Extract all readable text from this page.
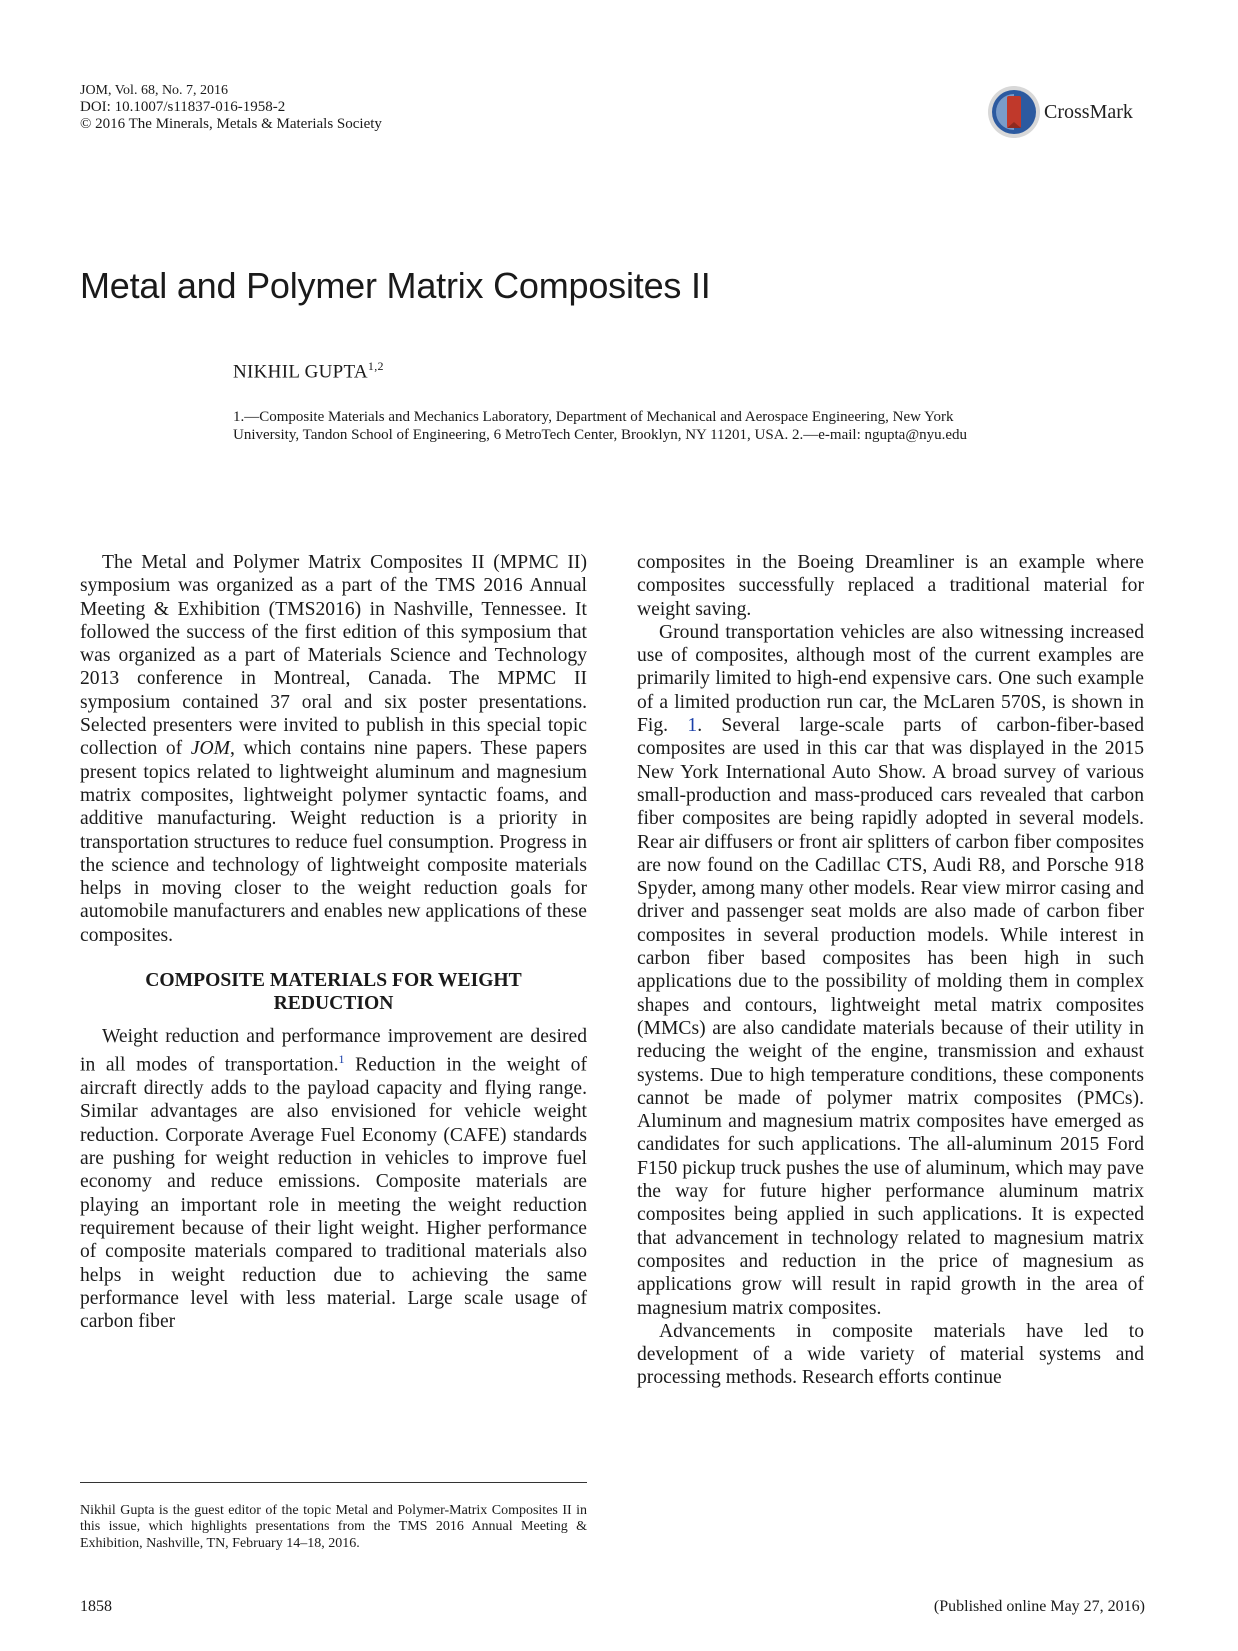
JOM, Vol. 68, No. 7, 2016
DOI: 10.1007/s11837-016-1958-2
© 2016 The Minerals, Metals & Materials Society
CrossMark
Metal and Polymer Matrix Composites II
NIKHIL GUPTA$^{1,2}$
1.—Composite Materials and Mechanics Laboratory, Department of Mechanical and Aerospace Engineering, New York University, Tandon School of Engineering, 6 MetroTech Center, Brooklyn, NY 11201, USA. 2.—e-mail: ngupta@nyu.edu

The Metal and Polymer Matrix Composites II (MPMC II) symposium was organized as a part of the TMS 2016 Annual Meeting & Exhibition (TMS2016) in Nashville, Tennessee. It followed the success of the first edition of this symposium that was organized as a part of Materials Science and Technology 2013 conference in Montreal, Canada. The MPMC II symposium contained 37 oral and six poster presentations. Selected presenters were invited to publish in this special topic collection of JOM, which contains nine papers. These papers present topics related to lightweight aluminum and magnesium matrix composites, lightweight polymer syntactic foams, and additive manufacturing. Weight reduction is a priority in transportation structures to reduce fuel consumption. Progress in the science and technology of lightweight composite materials helps in moving closer to the weight reduction goals for automobile manufacturers and enables new applications of these composites.

COMPOSITE MATERIALS FOR WEIGHT REDUCTION

Weight reduction and performance improvement are desired in all modes of transportation.$^1$ Reduction in the weight of aircraft directly adds to the payload capacity and flying range. Similar advantages are also envisioned for vehicle weight reduction. Corporate Average Fuel Economy (CAFE) standards are pushing for weight reduction in vehicles to improve fuel economy and reduce emissions. Composite materials are playing an important role in meeting the weight reduction requirement because of their light weight. Higher performance of composite materials compared to traditional materials also helps in weight reduction due to achieving the same performance level with less material. Large scale usage of carbon fiber

composites in the Boeing Dreamliner is an example where composites successfully replaced a traditional material for weight saving.

Ground transportation vehicles are also witnessing increased use of composites, although most of the current examples are primarily limited to high-end expensive cars. One such example of a limited production run car, the McLaren 570S, is shown in Fig. 1. Several large-scale parts of carbon-fiber-based composites are used in this car that was displayed in the 2015 New York International Auto Show. A broad survey of various small-production and mass-produced cars revealed that carbon fiber composites are being rapidly adopted in several models. Rear air diffusers or front air splitters of carbon fiber composites are now found on the Cadillac CTS, Audi R8, and Porsche 918 Spyder, among many other models. Rear view mirror casing and driver and passenger seat molds are also made of carbon fiber composites in several production models. While interest in carbon fiber based composites has been high in such applications due to the possibility of molding them in complex shapes and contours, lightweight metal matrix composites (MMCs) are also candidate materials because of their utility in reducing the weight of the engine, transmission and exhaust systems. Due to high temperature conditions, these components cannot be made of polymer matrix composites (PMCs). Aluminum and magnesium matrix composites have emerged as candidates for such applications. The all-aluminum 2015 Ford F150 pickup truck pushes the use of aluminum, which may pave the way for future higher performance aluminum matrix composites being applied in such applications. It is expected that advancement in technology related to magnesium matrix composites and reduction in the price of magnesium as applications grow will result in rapid growth in the area of magnesium matrix composites.

Advancements in composite materials have led to development of a wide variety of material systems and processing methods. Research efforts continue

Nikhil Gupta is the guest editor of the topic Metal and Polymer-Matrix Composites II in this issue, which highlights presentations from the TMS 2016 Annual Meeting & Exhibition, Nashville, TN, February 14–18, 2016.
1858	(Published online May 27, 2016)
